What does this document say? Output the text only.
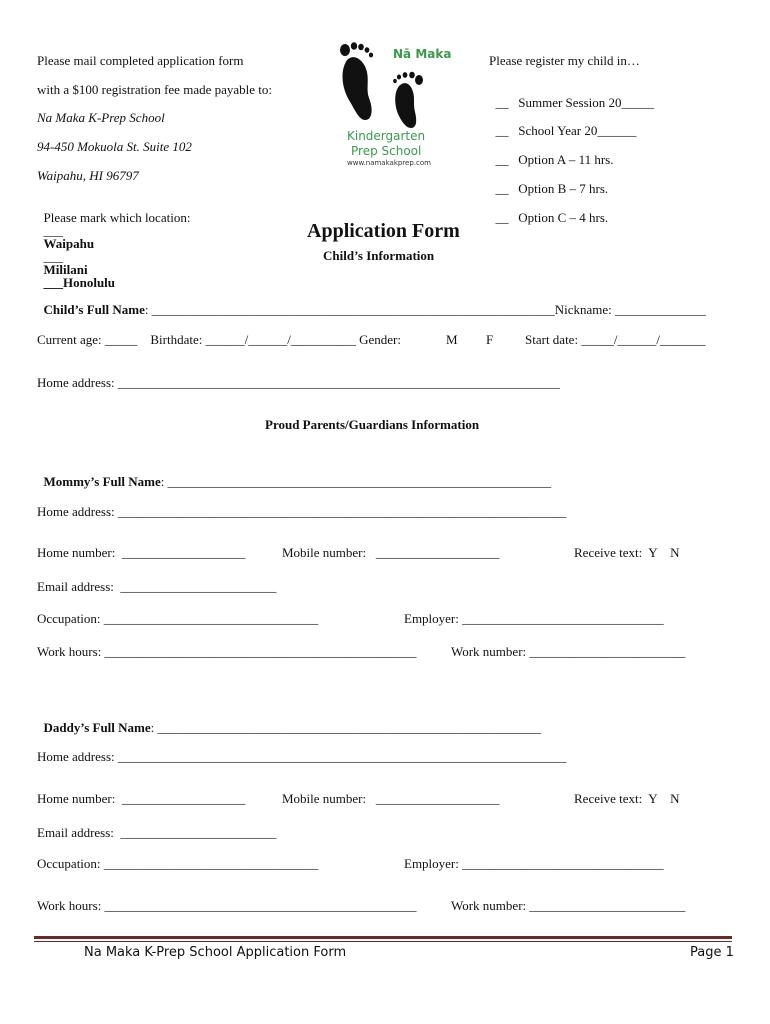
Please mail completed application form
with a $100 registration fee made payable to:
Na Maka K-Prep School
94-450 Mokuola St. Suite 102
Waipahu, HI 96797

Please mark which location:
___
Waipahu
___
Mililani
___Honolulu

Nā Maka
Kindergarten
Prep School
www.namakakprep.com
Please register my child in…

__ Summer Session 20_____

__ School Year 20______

__ Option A – 11 hrs.

__ Option B – 7 hrs.

__ Option C – 4 hrs.

Application Form
Child’s Information

Child’s Full Name: ______________________________________________________________Nickname: ______________

Current age: _____    Birthdate: ______/______/__________ Gender:	M F Start date: _____/______/_______
Home address: ____________________________________________________________________
Proud Parents/Guardians Information

Mommy’s Full Name: ___________________________________________________________

Home address: _____________________________________________________________________
Home number:  ___________________	Mobile number:   ___________________	Receive text:  Y    N
Email address:  ________________________
Occupation: _________________________________	Employer: _______________________________
Work hours: ________________________________________________	Work number: ________________________

Daddy’s Full Name: ___________________________________________________________

Home address: _____________________________________________________________________
Home number:  ___________________	Mobile number:   ___________________	Receive text:  Y    N
Email address:  ________________________
Occupation: _________________________________	Employer: _______________________________
Work hours: ________________________________________________	Work number: ________________________
Na Maka K-Prep School Application Form	Page 1
